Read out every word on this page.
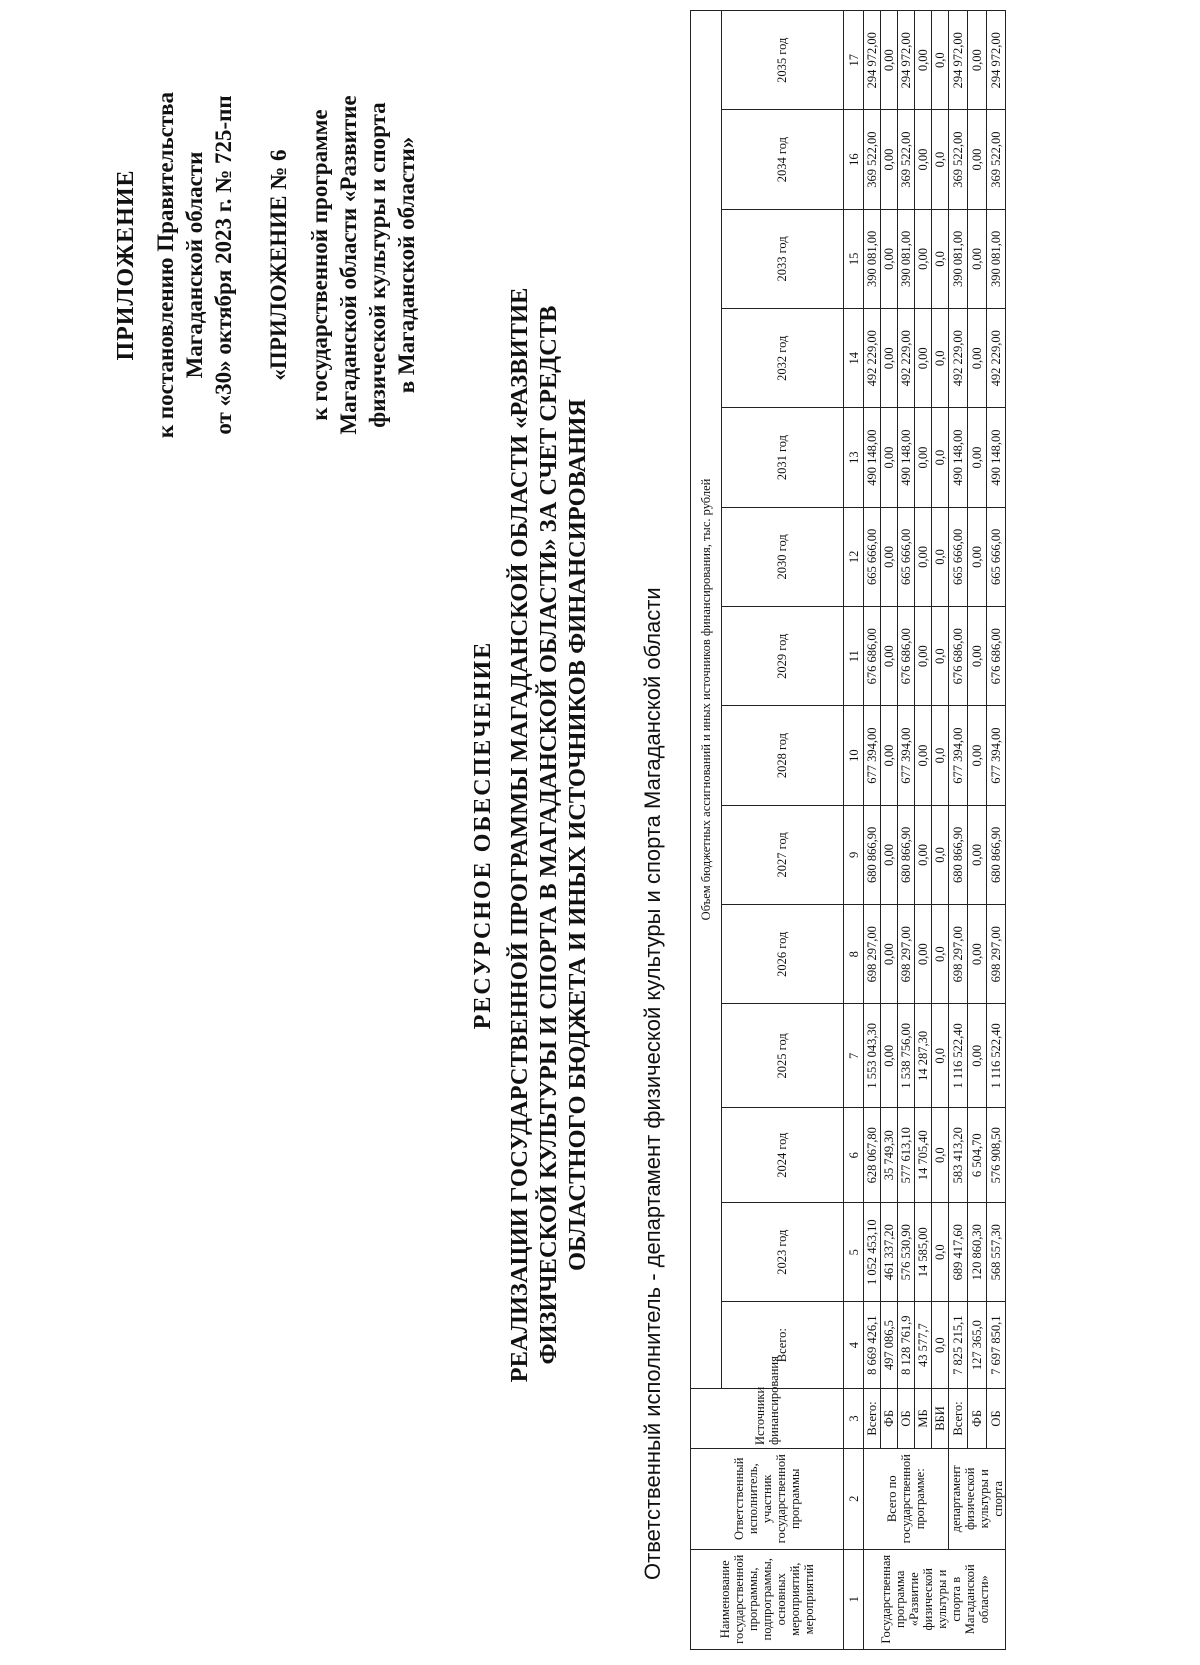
ПРИЛОЖЕНИЕ к постановлению Правительства Магаданской области от «30» октября 2023 г. № 725-пп «ПРИЛОЖЕНИЕ № 6 к государственной программе Магаданской области «Развитие физической культуры и спорта в Магаданской области»
РЕСУРСНОЕ ОБЕСПЕЧЕНИЕ РЕАЛИЗАЦИИ ГОСУДАРСТВЕННОЙ ПРОГРАММЫ МАГАДАНСКОЙ ОБЛАСТИ «РАЗВИТИЕ ФИЗИЧЕСКОЙ КУЛЬТУРЫ И СПОРТА В МАГАДАНСКОЙ ОБЛАСТИ» ЗА СЧЕТ СРЕДСТВ ОБЛАСТНОГО БЮДЖЕТА И ИНЫХ ИСТОЧНИКОВ ФИНАНСИРОВАНИЯ Ответственный исполнитель - департамент физической культуры и спорта Магаданской области
Наименование государственной программы, подпрограммы, основных мероприятий, мероприятий	Ответственный исполнитель, участник государственной программы	Источники финансирования	Объем бюджетных ассигнований и иных источников финансирования, тыс. рублей													
			Всего:	2023 год	2024 год	2025 год	2026 год	2027 год	2028 год	2029 год	2030 год	2031 год	2032 год	2033 год	2034 год	2035 год
1	2	3	4	5	6	7	8	9	10	11	12	13	14	15	16	17
Государственная программа «Развитие физической культуры и спорта в Магаданской области»	Всего по государственной программе:	Всего:	8 669 426,1	1 052 453,10	628 067,80	1 553 043,30	698 297,00	680 866,90	677 394,00	676 686,00	665 666,00	490 148,00	492 229,00	390 081,00	369 522,00	294 972,00
		ФБ	497 086,5	461 337,20	35 749,30	0,00	0,00	0,00	0,00	0,00	0,00	0,00	0,00	0,00	0,00	0,00
		ОБ	8 128 761,9	576 530,90	577 613,10	1 538 756,00	698 297,00	680 866,90	677 394,00	676 686,00	665 666,00	490 148,00	492 229,00	390 081,00	369 522,00	294 972,00
		МБ	43 577,7	14 585,00	14 705,40	14 287,30	0,00	0,00	0,00	0,00	0,00	0,00	0,00	0,00	0,00	0,00
		ВБИ	0,0	0,0	0,0	0,0	0,0	0,0	0,0	0,0	0,0	0,0	0,0	0,0	0,0	0,0
	департамент физической культуры и спорта	Всего:	7 825 215,1	689 417,60	583 413,20	1 116 522,40	698 297,00	680 866,90	677 394,00	676 686,00	665 666,00	490 148,00	492 229,00	390 081,00	369 522,00	294 972,00
		ФБ	127 365,0	120 860,30	6 504,70	0,00	0,00	0,00	0,00	0,00	0,00	0,00	0,00	0,00	0,00	0,00
		ОБ	7 697 850,1	568 557,30	576 908,50	1 116 522,40	698 297,00	680 866,90	677 394,00	676 686,00	665 666,00	490 148,00	492 229,00	390 081,00	369 522,00	294 972,00
